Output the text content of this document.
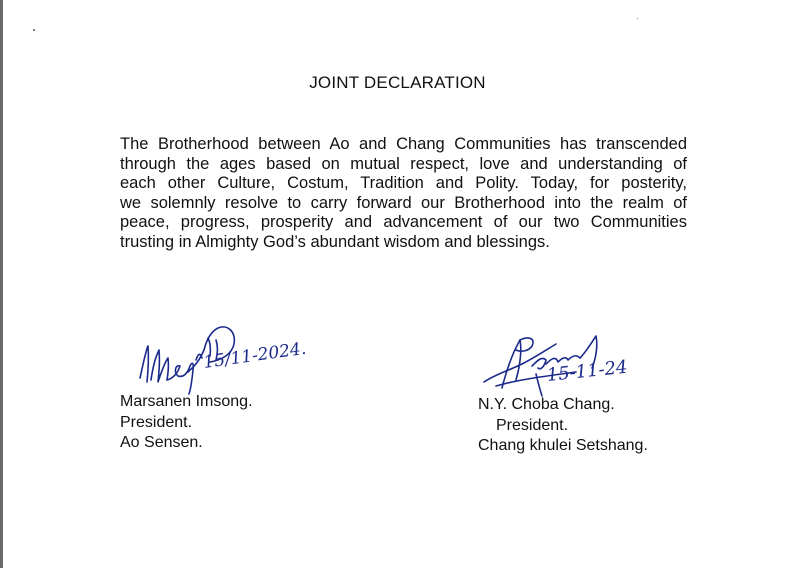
JOINT DECLARATION
The Brotherhood between Ao and Chang Communities has transcended
through the ages based on mutual respect, love and understanding of
each other Culture, Costum, Tradition and Polity. Today, for posterity,
we solemnly resolve to carry forward our Brotherhood into the realm of
peace, progress, prosperity and advancement of our two Communities
trusting in Almighty God’s abundant wisdom and blessings.
15/11-2024.
Marsanen Imsong.
President.
Ao Sensen.
15-11-24
N.Y. Choba Chang.
President.
Chang khulei Setshang.
